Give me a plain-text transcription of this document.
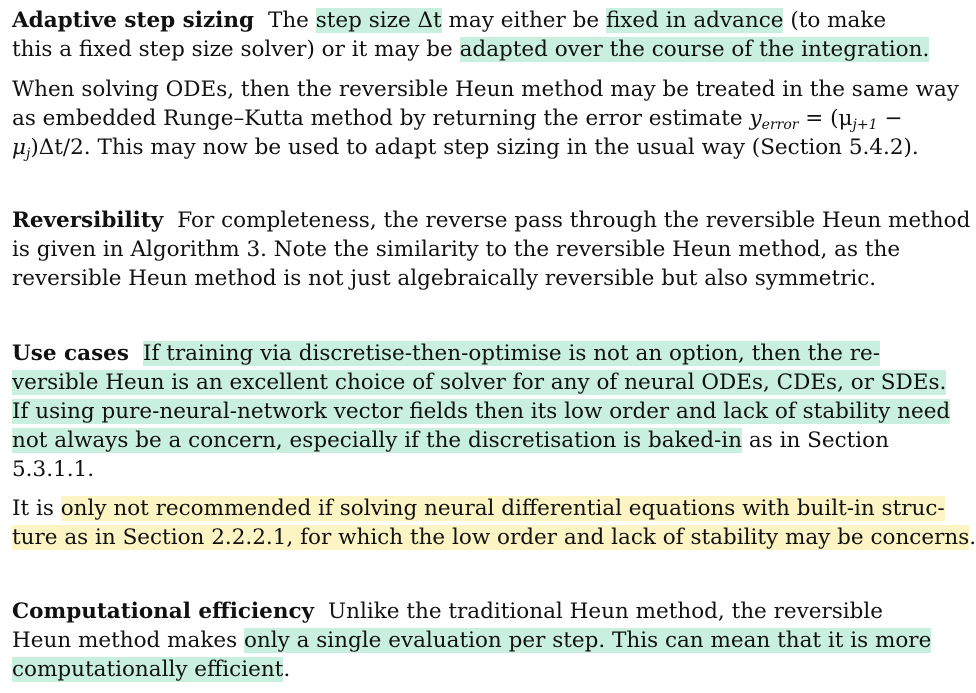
Adaptive step sizing The step size Δt may either be fixed in advance (to make
this a fixed step size solver) or it may be adapted over the course of the integration.
When solving ODEs, then the reversible Heun method may be treated in the same way
as embedded Runge–Kutta method by returning the error estimate $y_{error} = (\mu_{j+1}$ −
$\mu_j)\Delta t/2$. This may now be used to adapt step sizing in the usual way (Section 5.4.2).
Reversibility For completeness, the reverse pass through the reversible Heun method
is given in Algorithm 3. Note the similarity to the reversible Heun method, as the
reversible Heun method is not just algebraically reversible but also symmetric.
Use cases If training via discretise-then-optimise is not an option, then the re-
versible Heun is an excellent choice of solver for any of neural ODEs, CDEs, or SDEs.
If using pure-neural-network vector fields then its low order and lack of stability need
not always be a concern, especially if the discretisation is baked-in as in Section
5.3.1.1.
It is only not recommended if solving neural differential equations with built-in struc-
ture as in Section 2.2.2.1, for which the low order and lack of stability may be concerns.
Computational efficiency Unlike the traditional Heun method, the reversible
Heun method makes only a single evaluation per step. This can mean that it is more
computationally efficient.
